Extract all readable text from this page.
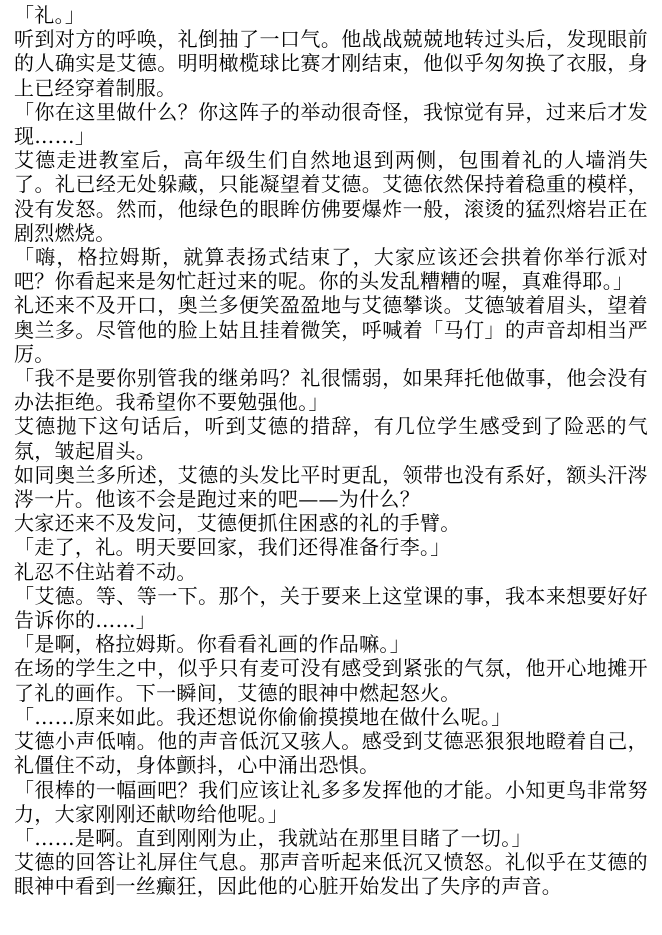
「礼。」

听到对方的呼唤，礼倒抽了一口气。他战战兢兢地转过头后，发现眼前的人确实是艾德。明明橄榄球比赛才刚结束，他似乎匆匆换了衣服，身上已经穿着制服。

「你在这里做什么？你这阵子的举动很奇怪，我惊觉有异，过来后才发现……」

艾德走进教室后，高年级生们自然地退到两侧，包围着礼的人墙消失了。礼已经无处躲藏，只能凝望着艾德。艾德依然保持着稳重的模样，没有发怒。然而，他绿色的眼眸仿佛要爆炸一般，滚烫的猛烈熔岩正在剧烈燃烧。

「嗨，格拉姆斯，就算表扬式结束了，大家应该还会拱着你举行派对吧？你看起来是匆忙赶过来的呢。你的头发乱糟糟的喔，真难得耶。」

礼还来不及开口，奥兰多便笑盈盈地与艾德攀谈。艾德皱着眉头，望着奥兰多。尽管他的脸上姑且挂着微笑，呼喊着「马仃」的声音却相当严厉。

「我不是要你别管我的继弟吗？礼很懦弱，如果拜托他做事，他会没有办法拒绝。我希望你不要勉强他。」

艾德抛下这句话后，听到艾德的措辞，有几位学生感受到了险恶的气氛，皱起眉头。

如同奥兰多所述，艾德的头发比平时更乱，领带也没有系好，额头汗涔涔一片。他该不会是跑过来的吧——为什么？

大家还来不及发问，艾德便抓住困惑的礼的手臂。

「走了，礼。明天要回家，我们还得准备行李。」

礼忍不住站着不动。

「艾德。等、等一下。那个，关于要来上这堂课的事，我本来想要好好告诉你的……」

「是啊，格拉姆斯。你看看礼画的作品嘛。」

在场的学生之中，似乎只有麦可没有感受到紧张的气氛，他开心地摊开了礼的画作。下一瞬间，艾德的眼神中燃起怒火。

「……原来如此。我还想说你偷偷摸摸地在做什么呢。」

艾德小声低喃。他的声音低沉又骇人。感受到艾德恶狠狠地瞪着自己，礼僵住不动，身体颤抖，心中涌出恐惧。

「很棒的一幅画吧？我们应该让礼多多发挥他的才能。小知更鸟非常努力，大家刚刚还献吻给他呢。」

「……是啊。直到刚刚为止，我就站在那里目睹了一切。」

艾德的回答让礼屏住气息。那声音听起来低沉又愤怒。礼似乎在艾德的眼神中看到一丝癫狂，因此他的心脏开始发出了失序的声音。
